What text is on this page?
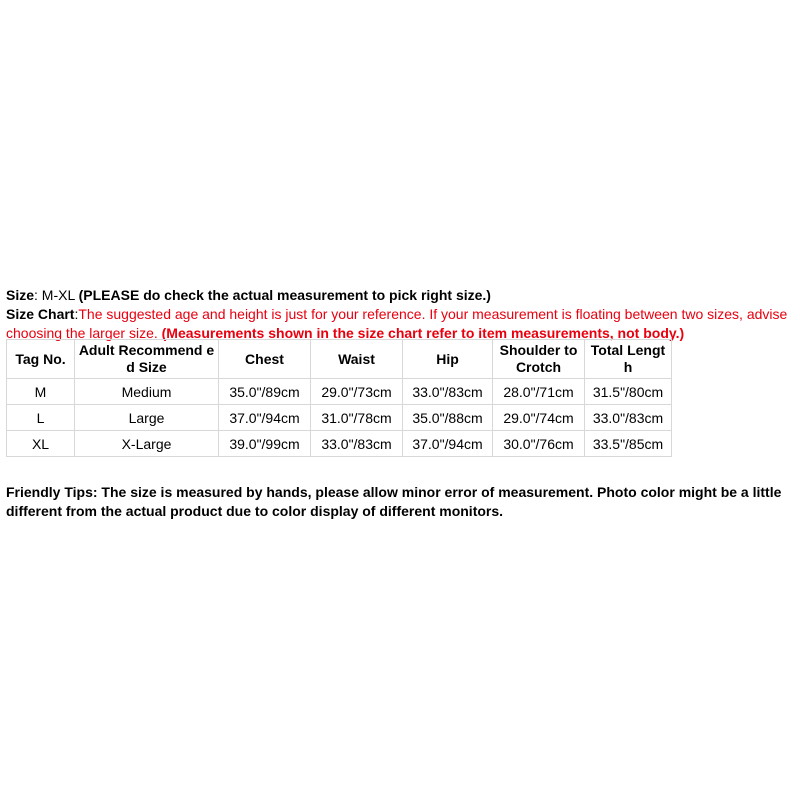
Size: M-XL (PLEASE do check the actual measurement to pick right size.)
Size Chart:The suggested age and height is just for your reference. If your measurement is floating between two sizes, advise
choosing the larger size. (Measurements shown in the size chart refer to item measurements, not body.)
Tag No.	Adult Recommend ed Size	Chest	Waist	Hip	Shoulder to Crotch	Total Lengt h
M	Medium	35.0"/89cm	29.0"/73cm	33.0"/83cm	28.0"/71cm	31.5"/80cm
L	Large	37.0"/94cm	31.0"/78cm	35.0"/88cm	29.0"/74cm	33.0"/83cm
XL	X-Large	39.0"/99cm	33.0"/83cm	37.0"/94cm	30.0"/76cm	33.5"/85cm
Friendly Tips: The size is measured by hands, please allow minor error of measurement. Photo color might be a little
different from the actual product due to color display of different monitors.
